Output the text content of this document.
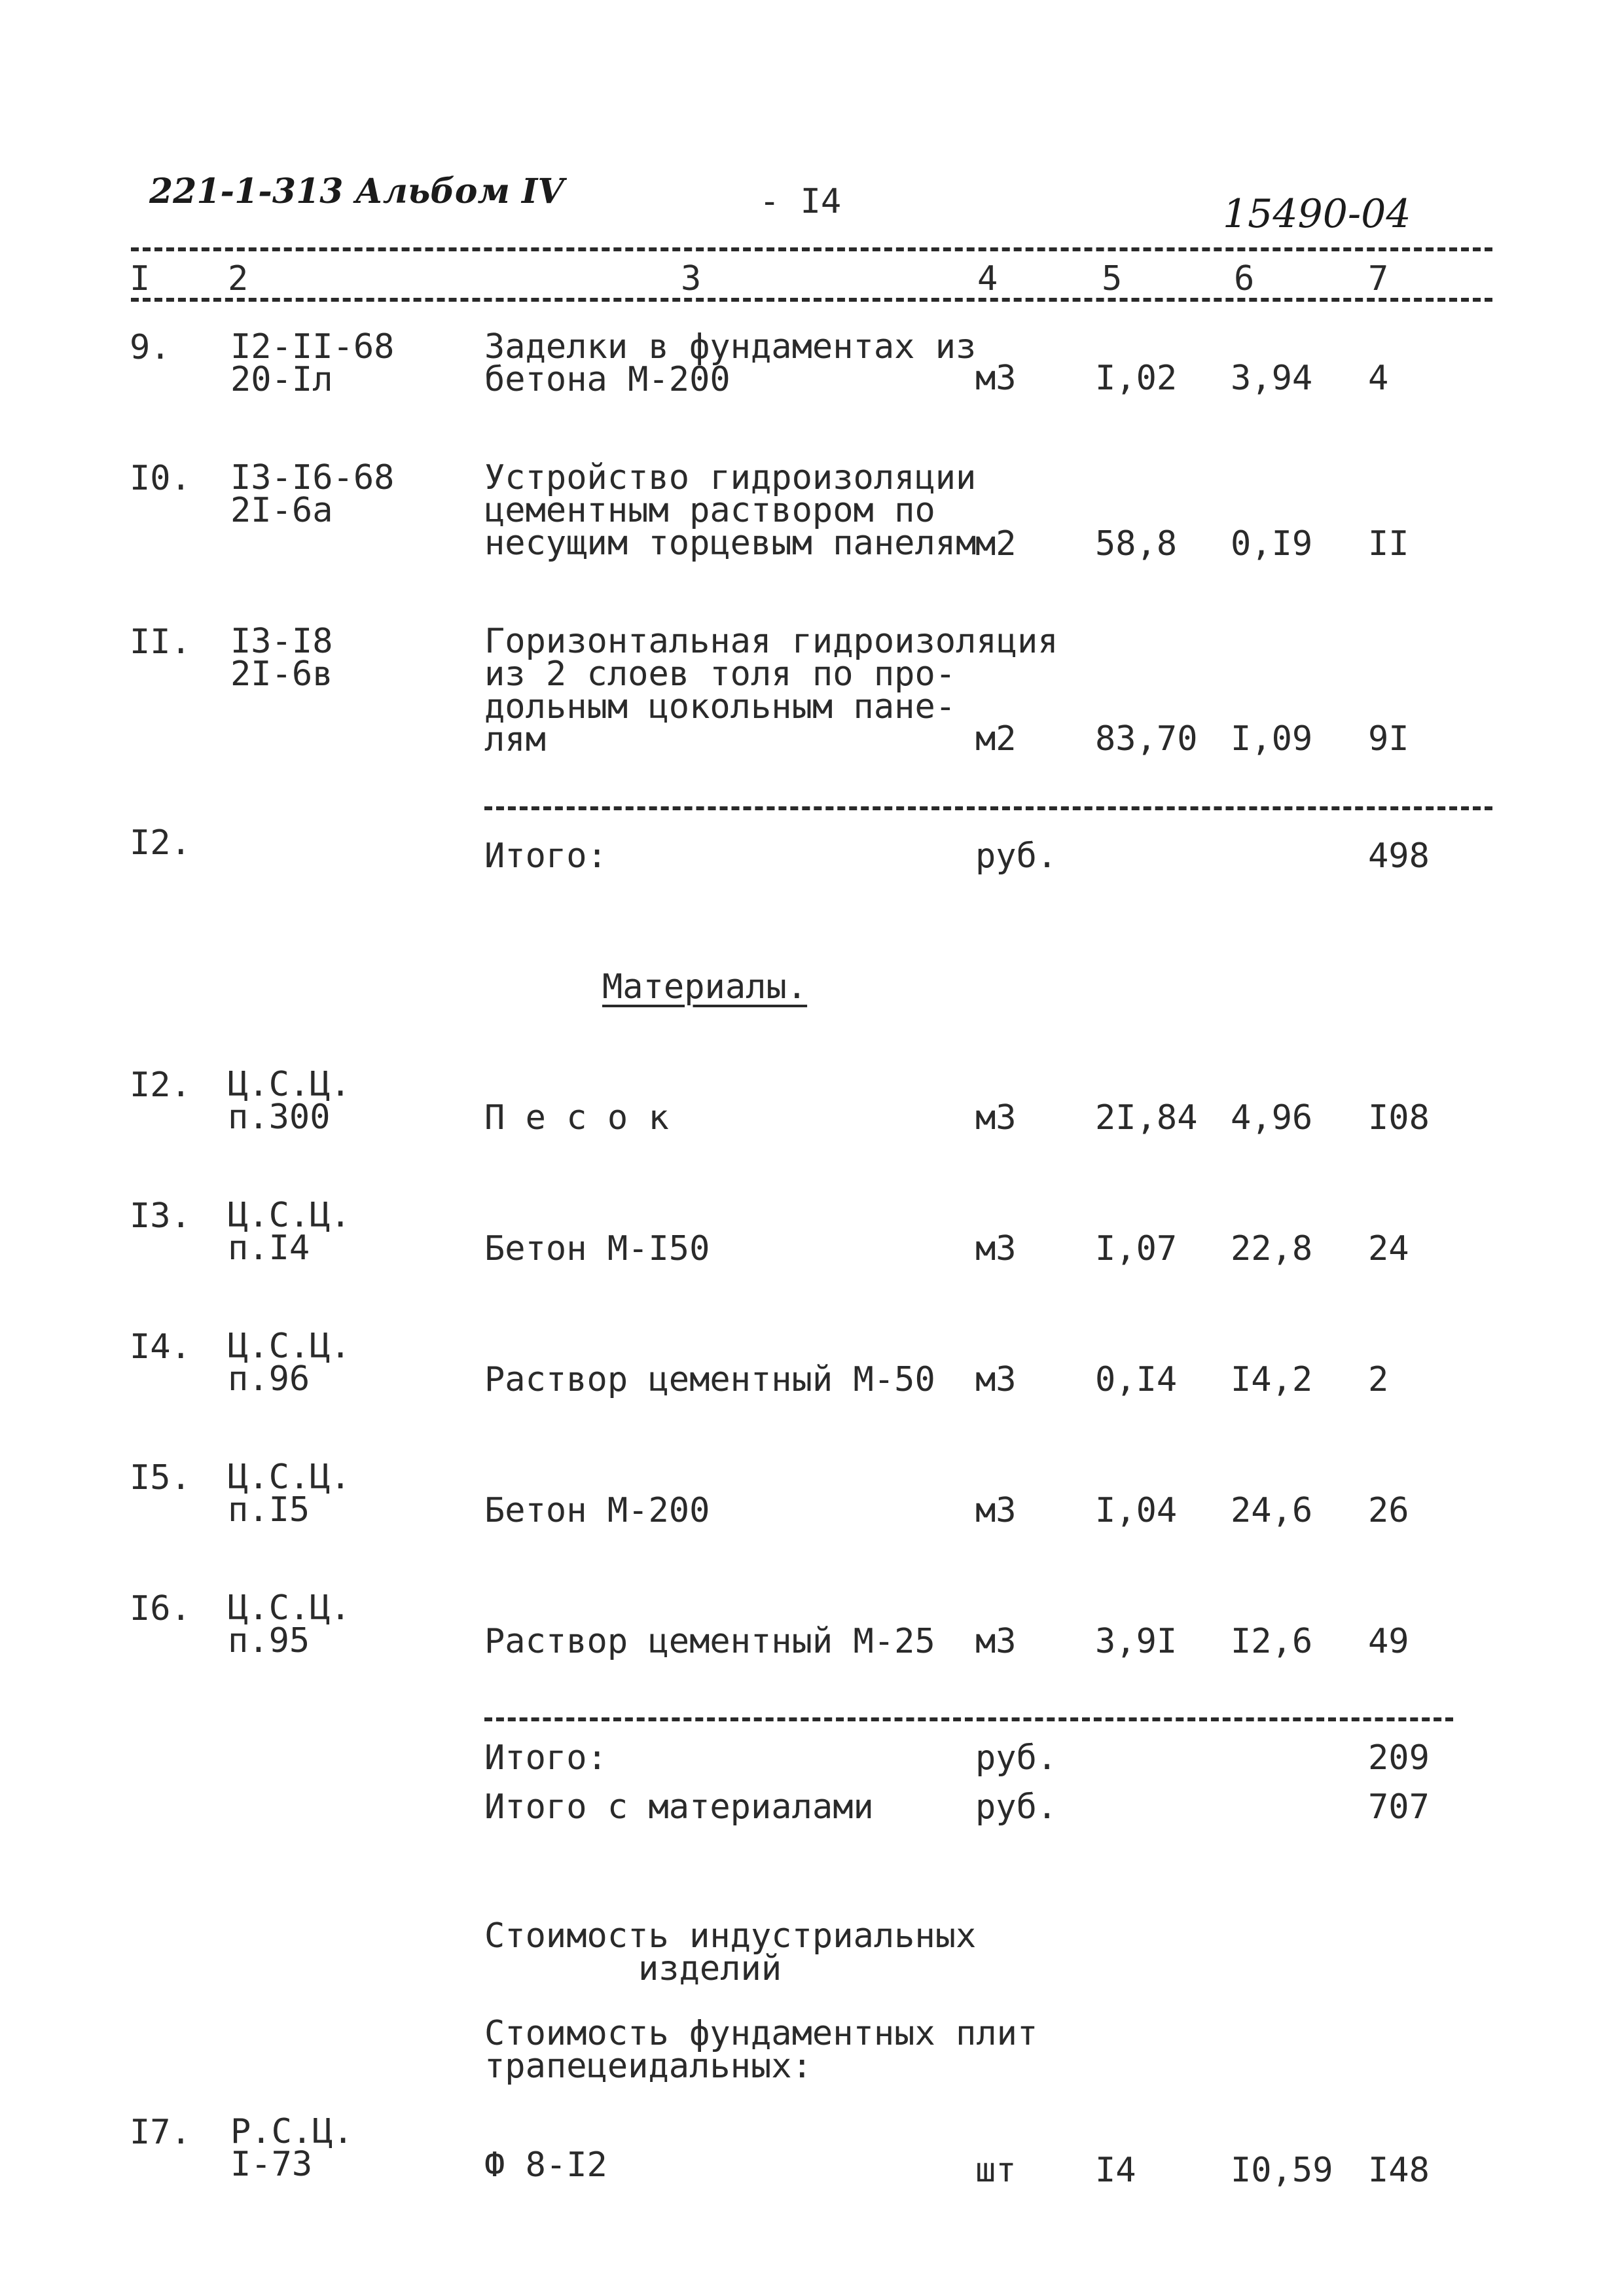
221-1-313 Альбом IV	- I4	15490-04
I 2	3	4	5	6	7
9. I2-II-68
20-Iл
Заделки в фундаментах из
бетона М-200	м3 I,02 3,94 4
I0. I3-I6-68
2I-6а
Устройство гидроизоляции
цементным раствором по
несущим торцевым панелям
м2 58,8 0,I9 II
II. I3-I8
2I-6в
Горизонтальная гидроизоляция
из 2 слоев толя по про-
дольным цокольным пане-
лям	м2 83,70 I,09 9I
I2.	Итого:	руб.	498
Материалы.
I2. Ц.С.Ц.
п.300	П е с о к	м3 2I,84 4,96 I08
I3. Ц.С.Ц.
п.I4	Бетон М-I50	м3 I,07 22,8 24
I4. Ц.С.Ц.
п.96	Раствор цементный М-50 м3 0,I4 I4,2 2
I5. Ц.С.Ц.
п.I5	Бетон М-200	м3 I,04 24,6 26
I6. Ц.С.Ц.
п.95	Раствор цементный М-25 м3 3,9I I2,6 49
Итого:	руб.	209
Итого с материалами	руб.	707
Стоимость индустриальных
изделий
Стоимость фундаментных плит
трапецеидальных:
I7. Р.С.Ц.
I-73	Ф 8-I2	шт I4	I0,59 I48
